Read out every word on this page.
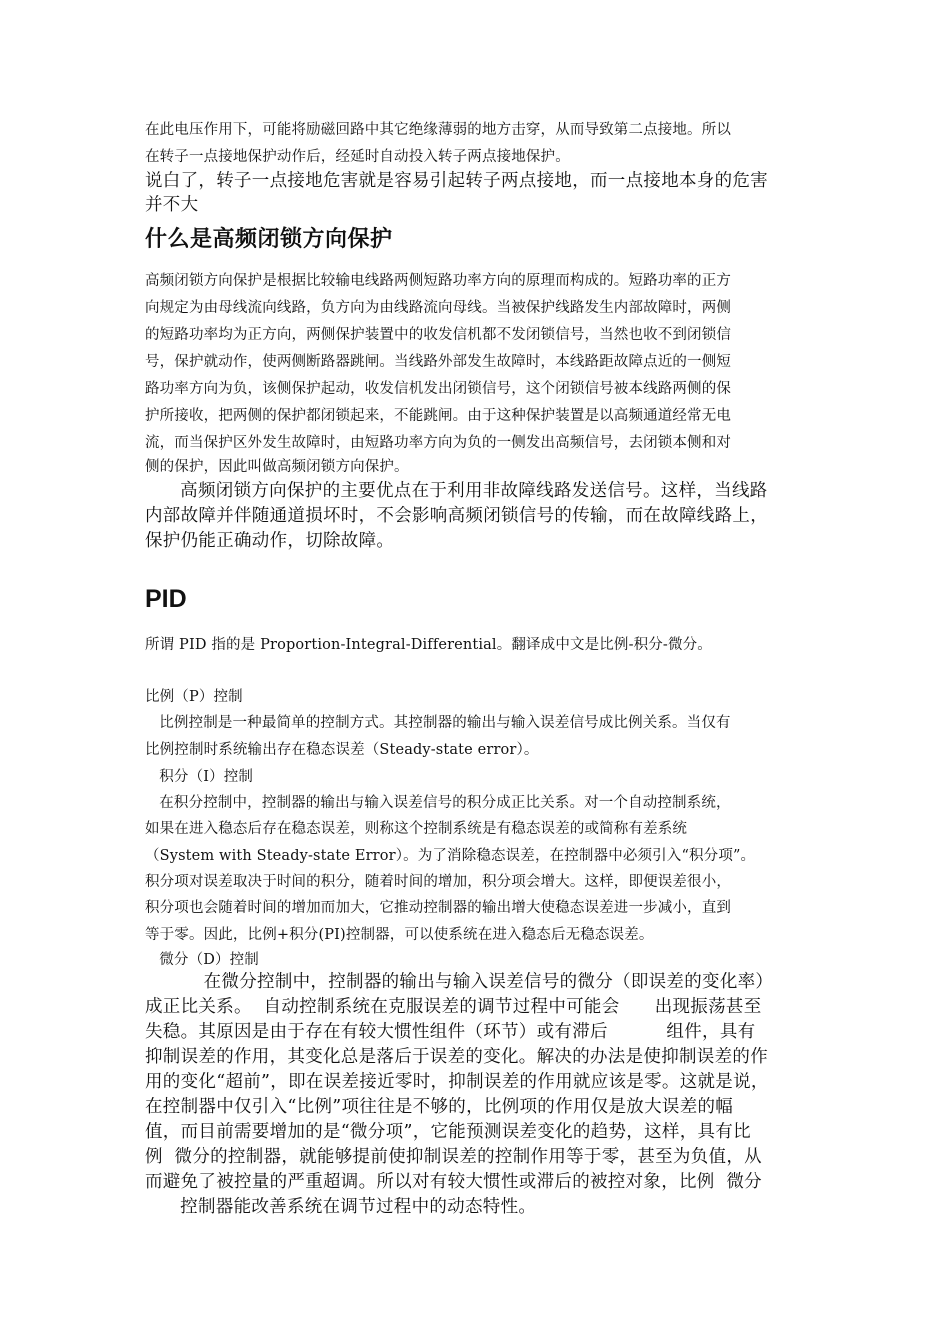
在此电压作用下，可能将励磁回路中其它绝缘薄弱的地方击穿，从而导致第二点接地。所以

在转子一点接地保护动作后，经延时自动投入转子两点接地保护。

说白了，转子一点接地危害就是容易引起转子两点接地，而一点接地本身的危害

并不大

什么是高频闭锁方向保护

高频闭锁方向保护是根据比较输电线路两侧短路功率方向的原理而构成的。短路功率的正方

向规定为由母线流向线路，负方向为由线路流向母线。当被保护线路发生内部故障时，两侧

的短路功率均为正方向，两侧保护装置中的收发信机都不发闭锁信号，当然也收不到闭锁信

号，保护就动作，使两侧断路器跳闸。当线路外部发生故障时，本线路距故障点近的一侧短

路功率方向为负，该侧保护起动，收发信机发出闭锁信号，这个闭锁信号被本线路两侧的保

护所接收，把两侧的保护都闭锁起来，不能跳闸。由于这种保护装置是以高频通道经常无电

流，而当保护区外发生故障时，由短路功率方向为负的一侧发出高频信号，去闭锁本侧和对

侧的保护，因此叫做高频闭锁方向保护。

高频闭锁方向保护的主要优点在于利用非故障线路发送信号。这样，当线路

内部故障并伴随通道损坏时，不会影响高频闭锁信号的传输，而在故障线路上，

保护仍能正确动作，切除故障。

PID

所谓 PID 指的是 Proportion-Integral-Differential。翻译成中文是比例-积分-微分。

比例（P）控制

比例控制是一种最简单的控制方式。其控制器的输出与输入误差信号成比例关系。当仅有

比例控制时系统输出存在稳态误差（Steady-state error）。

积分（I）控制

在积分控制中，控制器的输出与输入误差信号的积分成正比关系。对一个自动控制系统，

如果在进入稳态后存在稳态误差，则称这个控制系统是有稳态误差的或简称有差系统

（System with Steady-state Error）。为了消除稳态误差，在控制器中必须引入“积分项”。

积分项对误差取决于时间的积分，随着时间的增加，积分项会增大。这样，即便误差很小，

积分项也会随着时间的增加而加大，它推动控制器的输出增大使稳态误差进一步减小，直到

等于零。因此，比例+积分(PI)控制器，可以使系统在进入稳态后无稳态误差。

微分（D）控制

在微分控制中，控制器的输出与输入误差信号的微分（即误差的变化率）

成正比关系。  自动控制系统在克服误差的调节过程中可能会      出现振荡甚至

失稳。其原因是由于存在有较大惯性组件（环节）或有滞后          组件，具有

抑制误差的作用，其变化总是落后于误差的变化。解决的办法是使抑制误差的作

用的变化“超前”，即在误差接近零时，抑制误差的作用就应该是零。这就是说，

在控制器中仅引入“比例”项往往是不够的，比例项的作用仅是放大误差的幅

值，而目前需要增加的是“微分项”，它能预测误差变化的趋势，这样，具有比

例  微分的控制器，就能够提前使抑制误差的控制作用等于零，甚至为负值，从

而避免了被控量的严重超调。所以对有较大惯性或滞后的被控对象，比例  微分

控制器能改善系统在调节过程中的动态特性。
